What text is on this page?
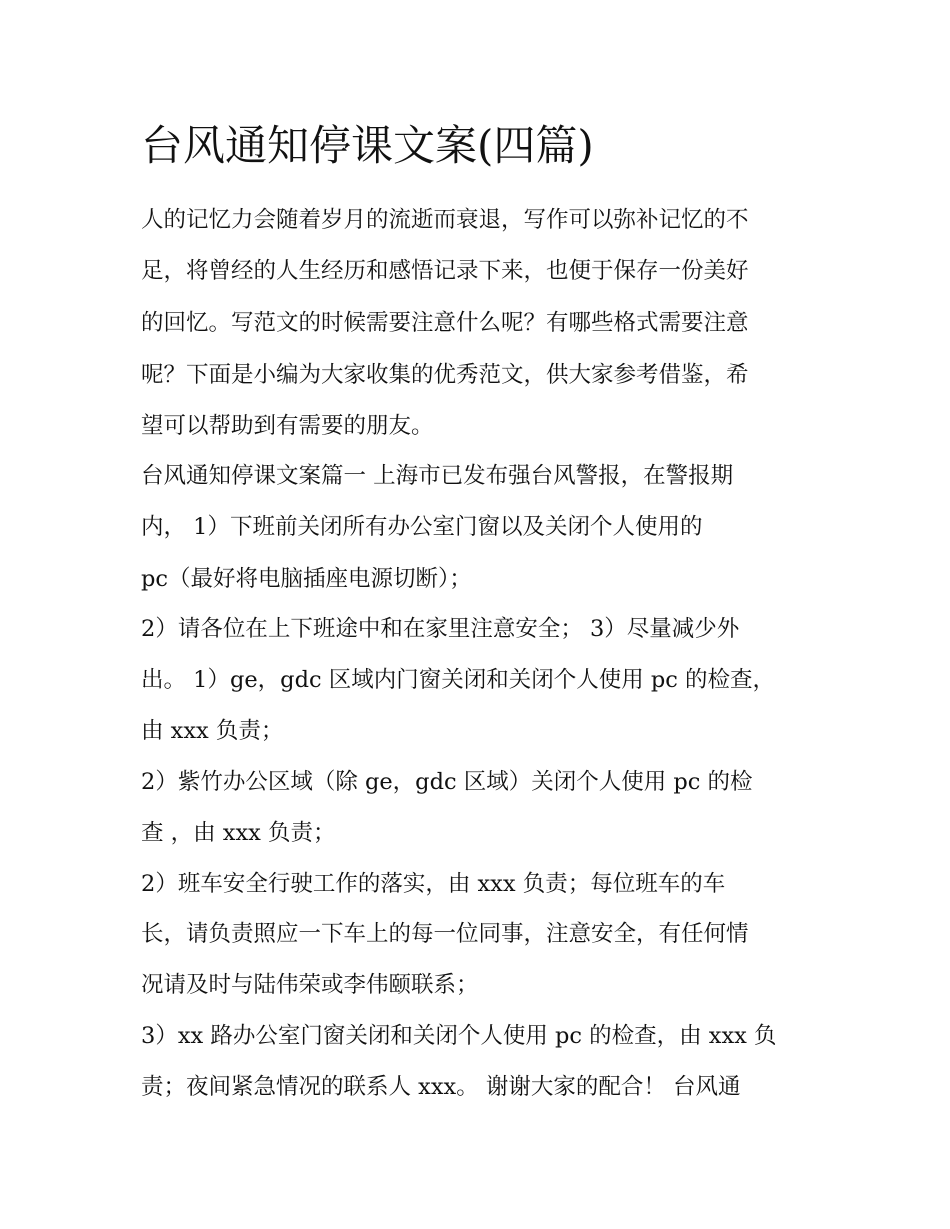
台风通知停课文案(四篇)

人的记忆力会随着岁月的流逝而衰退，写作可以弥补记忆的不

足，将曾经的人生经历和感悟记录下来，也便于保存一份美好

的回忆。写范文的时候需要注意什么呢？有哪些格式需要注意

呢？下面是小编为大家收集的优秀范文，供大家参考借鉴，希

望可以帮助到有需要的朋友。

台风通知停课文案篇一 上海市已发布强台风警报，在警报期

内， 1）下班前关闭所有办公室门窗以及关闭个人使用的

pc（最好将电脑插座电源切断）；

2）请各位在上下班途中和在家里注意安全； 3）尽量减少外

出。 1）ge，gdc 区域内门窗关闭和关闭个人使用 pc 的检查，

由 xxx 负责；

2）紫竹办公区域（除 ge，gdc 区域）关闭个人使用 pc 的检

查 ，由 xxx 负责；

2）班车安全行驶工作的落实，由 xxx 负责；每位班车的车

长，请负责照应一下车上的每一位同事，注意安全，有任何情

况请及时与陆伟荣或李伟颐联系；

3）xx 路办公室门窗关闭和关闭个人使用 pc 的检查，由 xxx 负

责；夜间紧急情况的联系人 xxx。 谢谢大家的配合！ 台风通
